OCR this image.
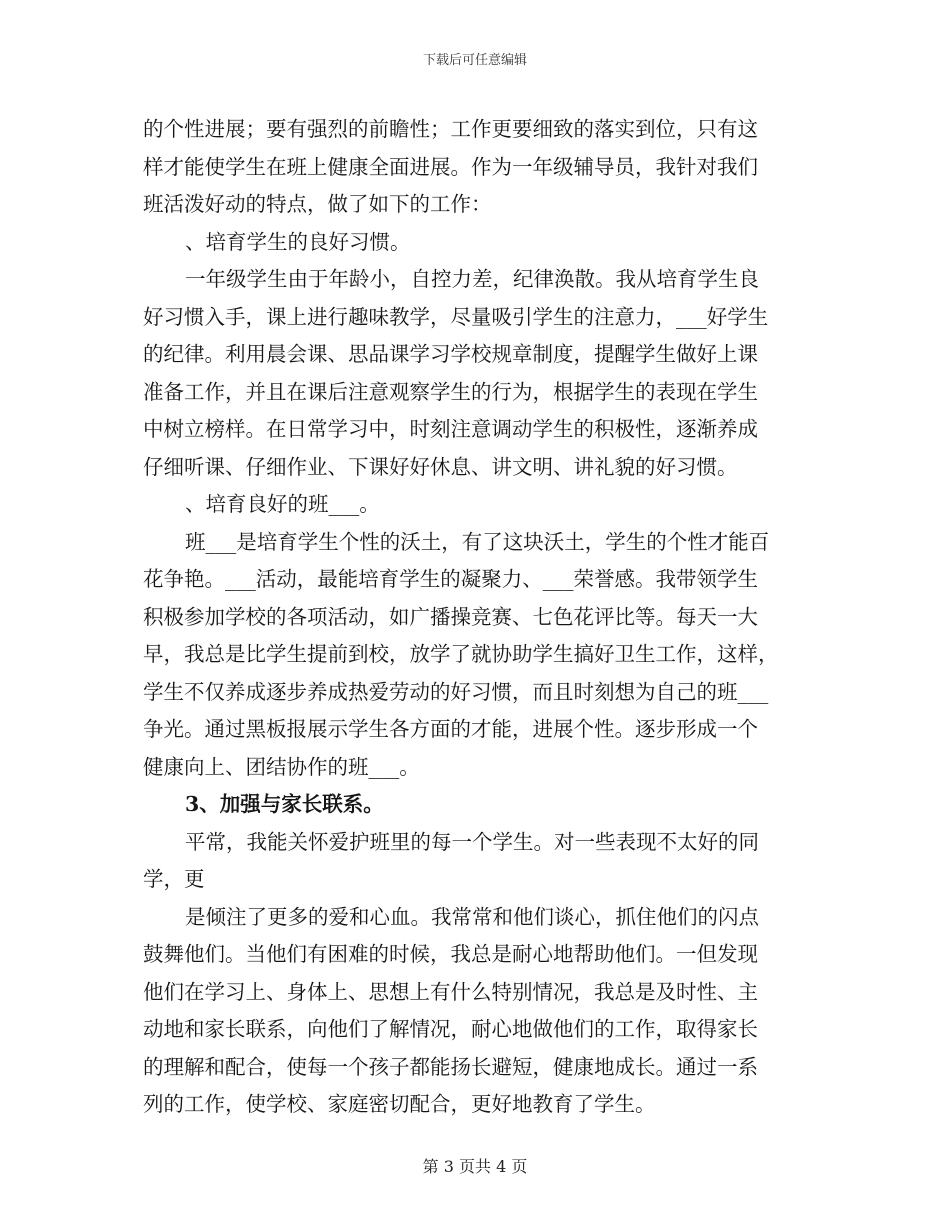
下载后可任意编辑
的个性进展；要有强烈的前瞻性；工作更要细致的落实到位，只有这
样才能使学生在班上健康全面进展。作为一年级辅导员，我针对我们
班活泼好动的特点，做了如下的工作：
、培育学生的良好习惯。
一年级学生由于年龄小，自控力差，纪律涣散。我从培育学生良
好习惯入手，课上进行趣味教学，尽量吸引学生的注意力，___好学生
的纪律。利用晨会课、思品课学习学校规章制度，提醒学生做好上课
准备工作，并且在课后注意观察学生的行为，根据学生的表现在学生
中树立榜样。在日常学习中，时刻注意调动学生的积极性，逐渐养成
仔细听课、仔细作业、下课好好休息、讲文明、讲礼貌的好习惯。
、培育良好的班___。
班___是培育学生个性的沃土，有了这块沃土，学生的个性才能百
花争艳。___活动，最能培育学生的凝聚力、___荣誉感。我带领学生
积极参加学校的各项活动，如广播操竞赛、七色花评比等。每天一大
早，我总是比学生提前到校，放学了就协助学生搞好卫生工作，这样，
学生不仅养成逐步养成热爱劳动的好习惯，而且时刻想为自己的班___
争光。通过黑板报展示学生各方面的才能，进展个性。逐步形成一个
健康向上、团结协作的班___。
3、加强与家长联系。
平常，我能关怀爱护班里的每一个学生。对一些表现不太好的同
学，更
是倾注了更多的爱和心血。我常常和他们谈心，抓住他们的闪点
鼓舞他们。当他们有困难的时候，我总是耐心地帮助他们。一但发现
他们在学习上、身体上、思想上有什么特别情况，我总是及时性、主
动地和家长联系，向他们了解情况，耐心地做他们的工作，取得家长
的理解和配合，使每一个孩子都能扬长避短，健康地成长。通过一系
列的工作，使学校、家庭密切配合，更好地教育了学生。
第 3 页共 4 页
